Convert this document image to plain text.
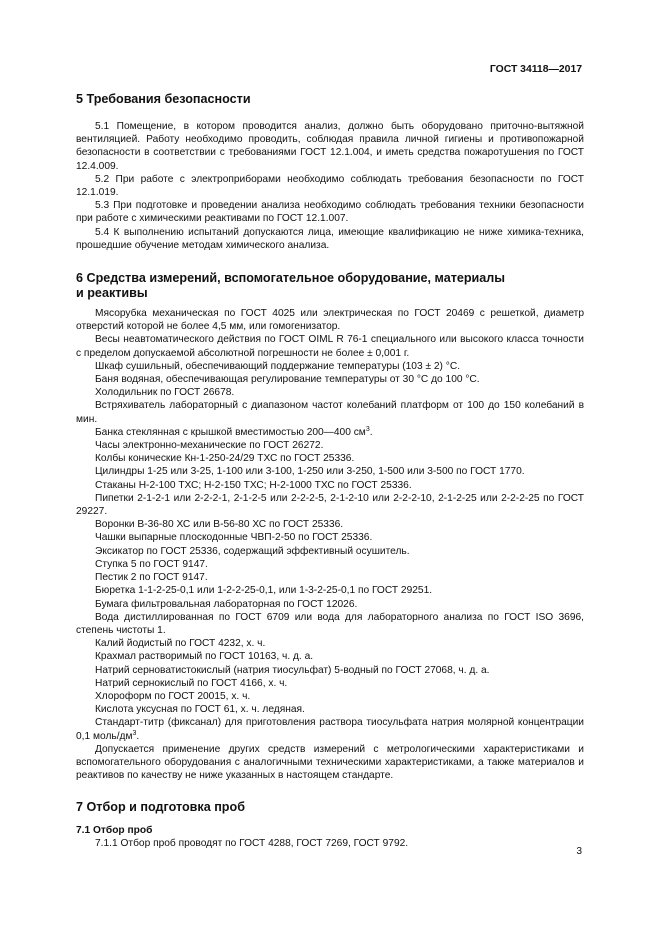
ГОСТ 34118—2017
5 Требования безопасности

5.1 Помещение, в котором проводится анализ, должно быть оборудовано приточно-вытяжной вентиляцией. Работу необходимо проводить, соблюдая правила личной гигиены и противопожарной безопасности в соответствии с требованиями ГОСТ 12.1.004, и иметь средства пожаротушения по ГОСТ 12.4.009.

5.2 При работе с электроприборами необходимо соблюдать требования безопасности по ГОСТ 12.1.019.

5.3 При подготовке и проведении анализа необходимо соблюдать требования техники безопасности при работе с химическими реактивами по ГОСТ 12.1.007.

5.4 К выполнению испытаний допускаются лица, имеющие квалификацию не ниже химика-техника, прошедшие обучение методам химического анализа.

6 Средства измерений, вспомогательное оборудование, материалы
и реактивы

Мясорубка механическая по ГОСТ 4025 или электрическая по ГОСТ 20469 с решеткой, диаметр отверстий которой не более 4,5 мм, или гомогенизатор.

Весы неавтоматического действия по ГОСТ OIML R 76-1 специального или высокого класса точности с пределом допускаемой абсолютной погрешности не более ± 0,001 г.

Шкаф сушильный, обеспечивающий поддержание температуры (103 ± 2) °С.

Баня водяная, обеспечивающая регулирование температуры от 30 °С до 100 °С.

Холодильник по ГОСТ 26678.

Встряхиватель лабораторный с диапазоном частот колебаний платформ от 100 до 150 колебаний в мин.

Банка стеклянная с крышкой вместимостью 200—400 $см^3$.

Часы электронно-механические по ГОСТ 26272.

Колбы конические Кн-1-250-24/29 ТХС по ГОСТ 25336.

Цилиндры 1-25 или 3-25, 1-100 или 3-100, 1-250 или 3-250, 1-500 или 3-500 по ГОСТ 1770.

Стаканы Н-2-100 ТХС; Н-2-150 ТХС; Н-2-1000 ТХС по ГОСТ 25336.

Пипетки 2-1-2-1 или 2-2-2-1, 2-1-2-5 или 2-2-2-5, 2-1-2-10 или 2-2-2-10, 2-1-2-25 или 2-2-2-25 по ГОСТ 29227.

Воронки В-36-80 ХС или В-56-80 ХС по ГОСТ 25336.

Чашки выпарные плоскодонные ЧВП-2-50 по ГОСТ 25336.

Эксикатор по ГОСТ 25336, содержащий эффективный осушитель.

Ступка 5 по ГОСТ 9147.

Пестик 2 по ГОСТ 9147.

Бюретка 1-1-2-25-0,1 или 1-2-2-25-0,1, или 1-3-2-25-0,1 по ГОСТ 29251.

Бумага фильтровальная лабораторная по ГОСТ 12026.

Вода дистиллированная по ГОСТ 6709 или вода для лабораторного анализа по ГОСТ ISO 3696, степень чистоты 1.

Калий йодистый по ГОСТ 4232, х. ч.

Крахмал растворимый по ГОСТ 10163, ч. д. а.

Натрий серноватистокислый (натрия тиосульфат) 5-водный по ГОСТ 27068, ч. д. а.

Натрий сернокислый по ГОСТ 4166, х. ч.

Хлороформ по ГОСТ 20015, х. ч.

Кислота уксусная по ГОСТ 61, х. ч. ледяная.

Стандарт-титр (фиксанал) для приготовления раствора тиосульфата натрия молярной концентрации 0,1 моль/$дм^3$.

Допускается применение других средств измерений с метрологическими характеристиками и вспомогательного оборудования с аналогичными техническими характеристиками, а также материалов и реактивов по качеству не ниже указанных в настоящем стандарте.

7 Отбор и подготовка проб
7.1 Отбор проб

7.1.1 Отбор проб проводят по ГОСТ 4288, ГОСТ 7269, ГОСТ 9792.

3
